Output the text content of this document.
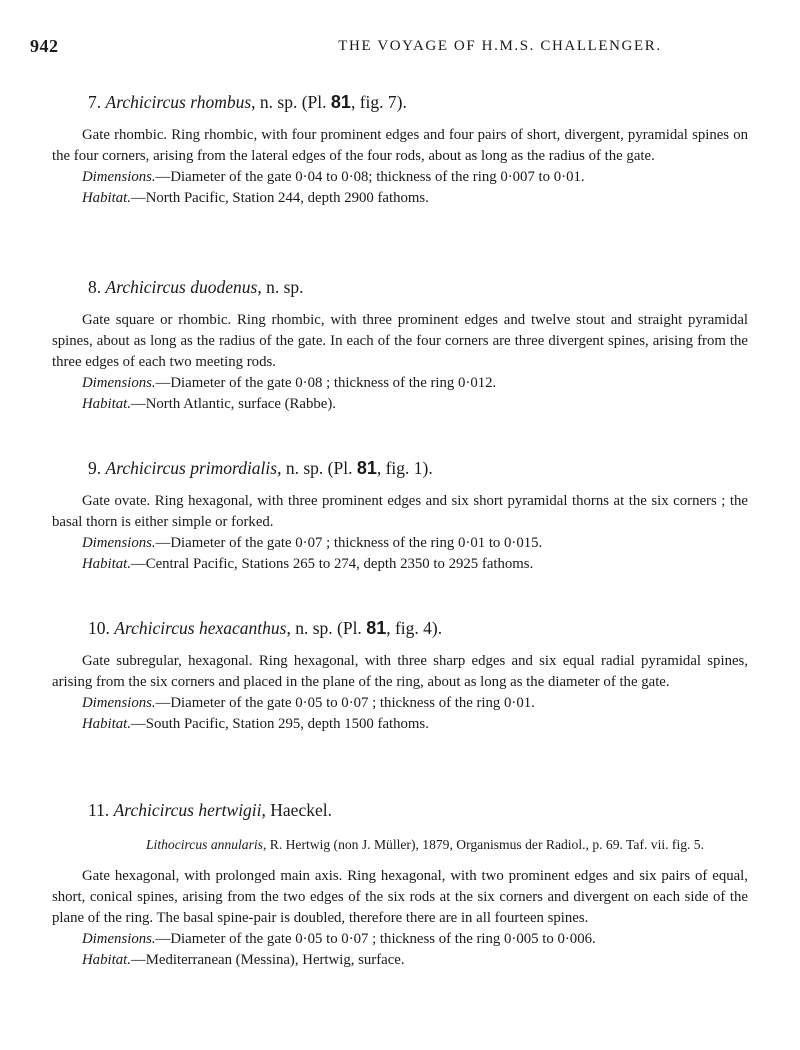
942	THE VOYAGE OF H.M.S. CHALLENGER.

7. Archicircus rhombus, n. sp. (Pl. 81, fig. 7).

Gate rhombic. Ring rhombic, with four prominent edges and four pairs of short, divergent, pyramidal spines on the four corners, arising from the lateral edges of the four rods, about as long as the radius of the gate.

Dimensions.—Diameter of the gate 0·04 to 0·08; thickness of the ring 0·007 to 0·01.

Habitat.—North Pacific, Station 244, depth 2900 fathoms.

8. Archicircus duodenus, n. sp.

Gate square or rhombic. Ring rhombic, with three prominent edges and twelve stout and straight pyramidal spines, about as long as the radius of the gate. In each of the four corners are three divergent spines, arising from the three edges of each two meeting rods.

Dimensions.—Diameter of the gate 0·08 ; thickness of the ring 0·012.

Habitat.—North Atlantic, surface (Rabbe).

9. Archicircus primordialis, n. sp. (Pl. 81, fig. 1).

Gate ovate. Ring hexagonal, with three prominent edges and six short pyramidal thorns at the six corners ; the basal thorn is either simple or forked.

Dimensions.—Diameter of the gate 0·07 ; thickness of the ring 0·01 to 0·015.

Habitat.—Central Pacific, Stations 265 to 274, depth 2350 to 2925 fathoms.

10. Archicircus hexacanthus, n. sp. (Pl. 81, fig. 4).

Gate subregular, hexagonal. Ring hexagonal, with three sharp edges and six equal radial pyramidal spines, arising from the six corners and placed in the plane of the ring, about as long as the diameter of the gate.

Dimensions.—Diameter of the gate 0·05 to 0·07 ; thickness of the ring 0·01.

Habitat.—South Pacific, Station 295, depth 1500 fathoms.

11. Archicircus hertwigii, Haeckel.

Lithocircus annularis, R. Hertwig (non J. Müller), 1879, Organismus der Radiol., p. 69. Taf. vii. fig. 5.

Gate hexagonal, with prolonged main axis. Ring hexagonal, with two prominent edges and six pairs of equal, short, conical spines, arising from the two edges of the six rods at the six corners and divergent on each side of the plane of the ring. The basal spine-pair is doubled, therefore there are in all fourteen spines.

Dimensions.—Diameter of the gate 0·05 to 0·07 ; thickness of the ring 0·005 to 0·006.

Habitat.—Mediterranean (Messina), Hertwig, surface.
